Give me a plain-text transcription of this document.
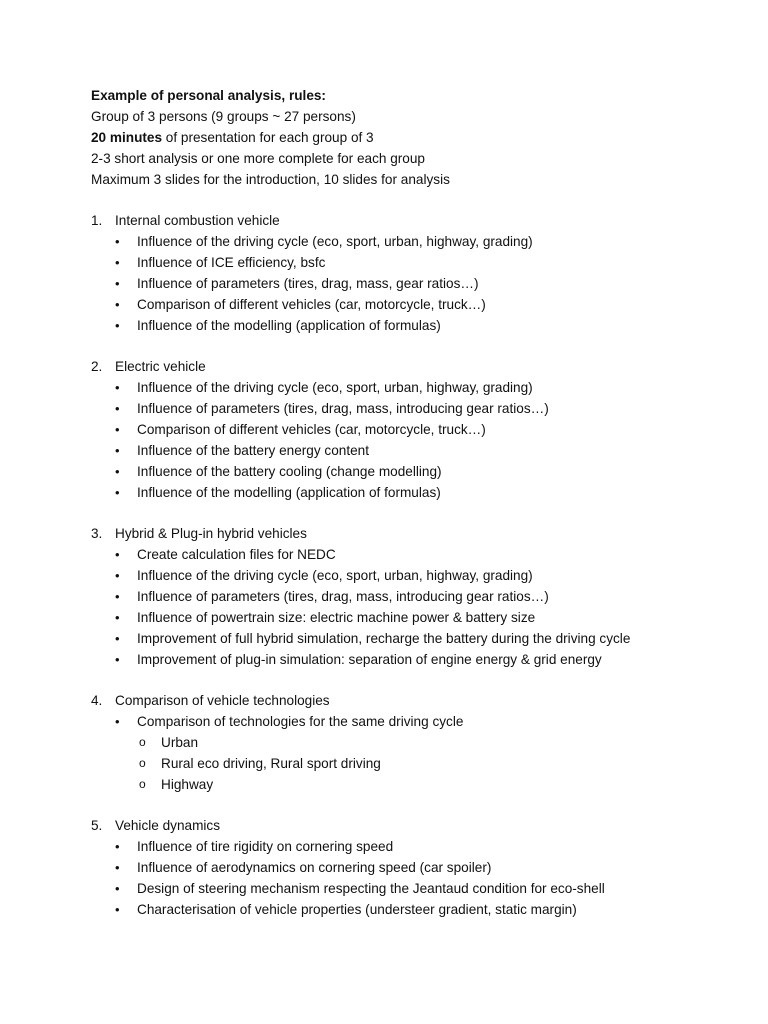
Example of personal analysis, rules:
Group of 3 persons (9 groups ~ 27 persons)
20 minutes of presentation for each group of 3
2-3 short analysis or one more complete for each group
Maximum 3 slides for the introduction, 10 slides for analysis
1. Internal combustion vehicle
• Influence of the driving cycle (eco, sport, urban, highway, grading)
• Influence of ICE efficiency, bsfc
• Influence of parameters (tires, drag, mass, gear ratios…)
• Comparison of different vehicles (car, motorcycle, truck…)
• Influence of the modelling (application of formulas)
2. Electric vehicle
• Influence of the driving cycle (eco, sport, urban, highway, grading)
• Influence of parameters (tires, drag, mass, introducing gear ratios…)
• Comparison of different vehicles (car, motorcycle, truck…)
• Influence of the battery energy content
• Influence of the battery cooling (change modelling)
• Influence of the modelling (application of formulas)
3. Hybrid & Plug-in hybrid vehicles
• Create calculation files for NEDC
• Influence of the driving cycle (eco, sport, urban, highway, grading)
• Influence of parameters (tires, drag, mass, introducing gear ratios…)
• Influence of powertrain size: electric machine power & battery size
• Improvement of full hybrid simulation, recharge the battery during the driving cycle
• Improvement of plug-in simulation: separation of engine energy & grid energy
4. Comparison of vehicle technologies
• Comparison of technologies for the same driving cycle
o Urban
o Rural eco driving, Rural sport driving
o Highway
5. Vehicle dynamics
• Influence of tire rigidity on cornering speed
• Influence of aerodynamics on cornering speed (car spoiler)
• Design of steering mechanism respecting the Jeantaud condition for eco-shell
• Characterisation of vehicle properties (understeer gradient, static margin)
